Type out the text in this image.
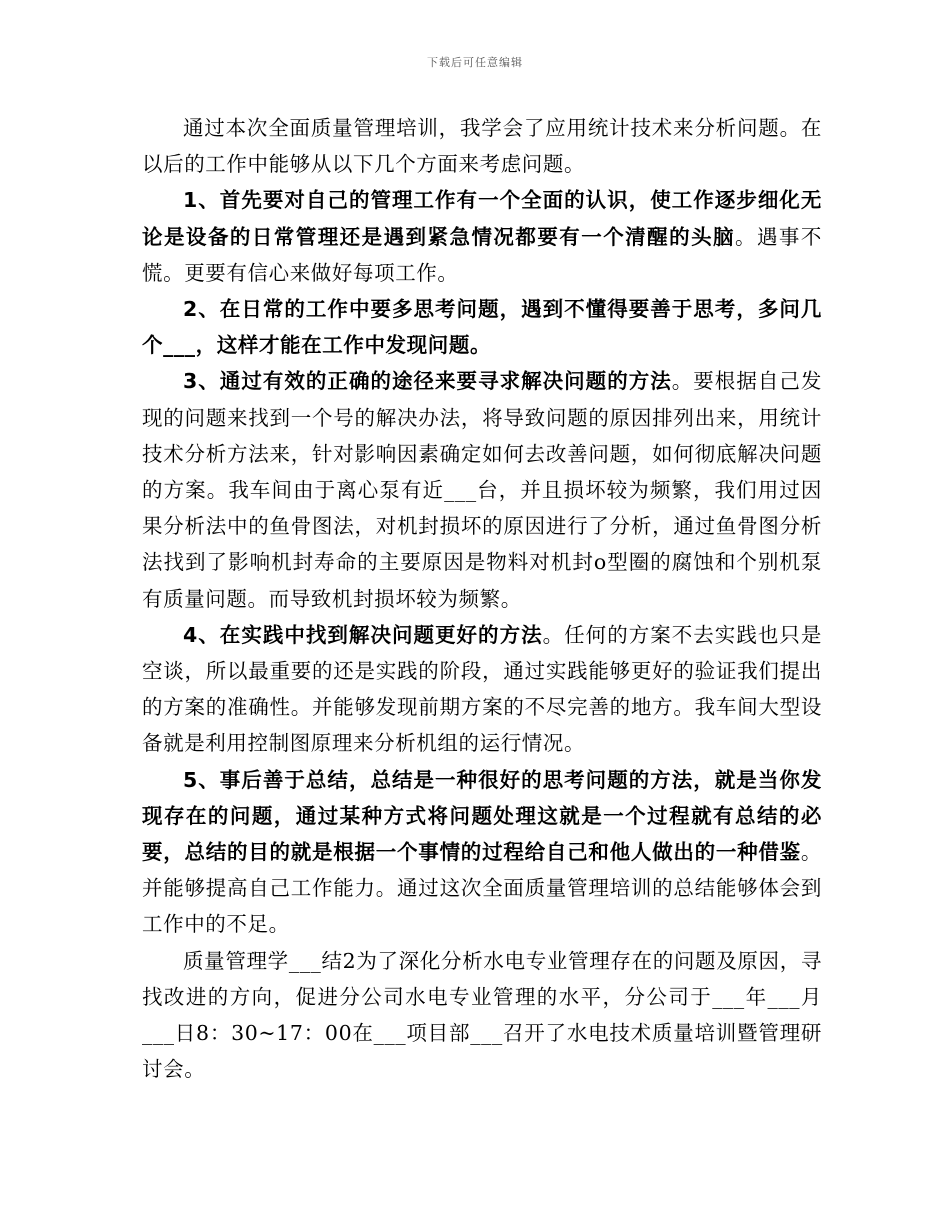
下载后可任意编辑

通过本次全面质量管理培训，我学会了应用统计技术来分析问题。在以后的工作中能够从以下几个方面来考虑问题。

1、首先要对自己的管理工作有一个全面的认识，使工作逐步细化无论是设备的日常管理还是遇到紧急情况都要有一个清醒的头脑。遇事不慌。更要有信心来做好每项工作。

2、在日常的工作中要多思考问题，遇到不懂得要善于思考，多问几个___，这样才能在工作中发现问题。

3、通过有效的正确的途径来要寻求解决问题的方法。要根据自己发现的问题来找到一个号的解决办法，将导致问题的原因排列出来，用统计技术分析方法来，针对影响因素确定如何去改善问题，如何彻底解决问题的方案。我车间由于离心泵有近___台，并且损坏较为频繁，我们用过因果分析法中的鱼骨图法，对机封损坏的原因进行了分析，通过鱼骨图分析法找到了影响机封寿命的主要原因是物料对机封o型圈的腐蚀和个别机泵有质量问题。而导致机封损坏较为频繁。

4、在实践中找到解决问题更好的方法。任何的方案不去实践也只是空谈，所以最重要的还是实践的阶段，通过实践能够更好的验证我们提出的方案的准确性。并能够发现前期方案的不尽完善的地方。我车间大型设备就是利用控制图原理来分析机组的运行情况。

5、事后善于总结，总结是一种很好的思考问题的方法，就是当你发现存在的问题，通过某种方式将问题处理这就是一个过程就有总结的必要，总结的目的就是根据一个事情的过程给自己和他人做出的一种借鉴。并能够提高自己工作能力。通过这次全面质量管理培训的总结能够体会到工作中的不足。

质量管理学___结2为了深化分析水电专业管理存在的问题及原因，寻找改进的方向，促进分公司水电专业管理的水平，分公司于___年___月___日8：30~17：00在___项目部___召开了水电技术质量培训暨管理研讨会。
